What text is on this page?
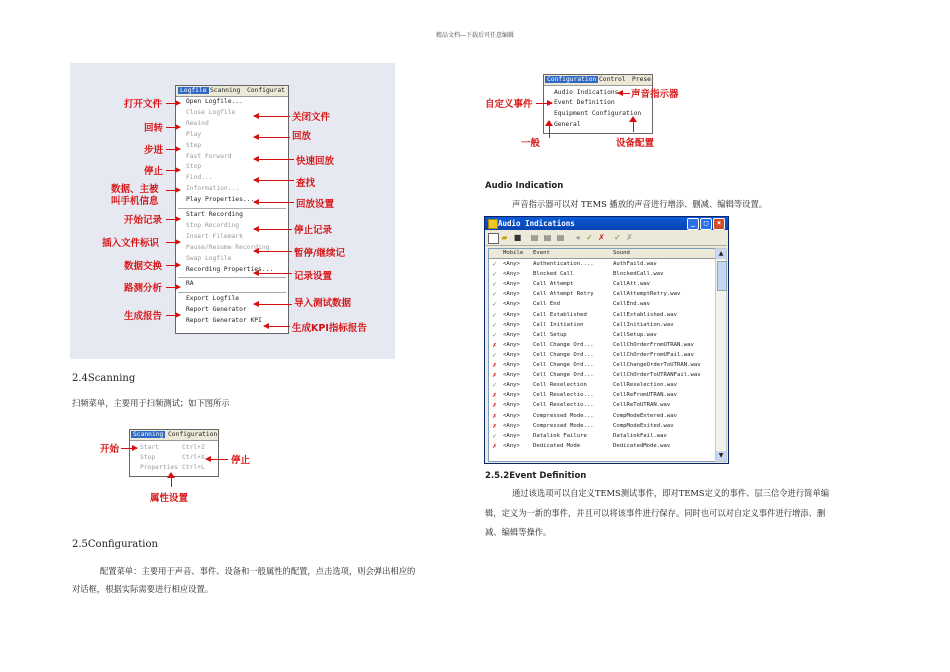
精品文档---下载后可任意编辑
Logfile Scanning Configurat
Open Logfile...
Close Logfile
Rewind
Play
Step
Fast Forward
Stop
Find...
Information...
Play Properties...
Start Recording
Stop Recording
Insert Filemark
Pause/Resume Recording
Swap Logfile
Recording Properties...
RA
Export Logfile
Report Generator
Report Generator KPI
打开文件
回转
步进
停止
数据、主被
叫手机信息
开始记录
插入文件标识
数据交换
路测分析
生成报告
关闭文件
回放
快速回放
查找
回放设置
停止记录
暂停/继续记
记录设置
导入测试数据
生成KPI指标报告
2.4Scanning
扫频菜单，主要用于扫频测试；如下图所示
Scanning Configuration
Start	Ctrl+Z
Stop	Ctrl+X
Properties Ctrl+L
开始
停止
属性设置
2.5Configuration
配置菜单：主要用于声音、事件、设备和一般属性的配置，点击选项，则会弹出相应的
对话框，根据实际需要进行相应设置。
Configuration Control Prese
Audio Indications
Event Definition
Equipment Configuration
General
声音指示器
自定义事件
一般	设备配置
Audio Indication
声音指示器可以对 TEMS 播放的声音进行增添、删减、编辑等设置。
Audio Indications	_	□	×
▰ ■ ▤ ▤ ▤	◂ ✓ ✗ ✓ ✗
Mobile Event	Sound
✓ <Any> Authentication....	AuthFaild.wav
✓ <Any> Blocked Call	BlockedCall.wav
✓ <Any> Call Attempt	CallAtt.wav
✓ <Any> Call Attempt Retry	CallAttemptRetry.wav
✓ <Any> Call End	CallEnd.wav
✓ <Any> Call Established	CallEstablished.wav
✓ <Any> Call Initiation	CallInitiation.wav
✓ <Any> Call Setup	CallSetup.wav
✗ <Any> Cell Change Ord...	CellChOrderFromUTRAN.wav
✓ <Any> Cell Change Ord...	CellChOrderFromUFail.wav
✗ <Any> Cell Change Ord...	CellChangeOrderToUTRAN.wav
✗ <Any> Cell Change Ord...	CellChOrderToUTRANFail.wav
✓ <Any> Cell Reselection	CellReselection.wav
✗ <Any> Cell Reselectio...	CellReFromUTRAN.wav
✗ <Any> Cell Reselectio...	CellReToUTRAN.wav
✗ <Any> Compressed Mode...	CompModeEntered.wav
✗ <Any> Compressed Mode...	CompModeExited.wav
✓ <Any> Datalink Failure	DatalinkFail.wav
✗ <Any> Dedicated Mode	DedicatedMode.wav
▲
▼
2.5.2Event Definition
通过该选项可以自定义TEMS测试事件，即对TEMS定义的事件、层三信令进行简单编
辑，定义为一新的事件，并且可以将该事件进行保存。同时也可以对自定义事件进行增添、删
减、编辑等操作。
